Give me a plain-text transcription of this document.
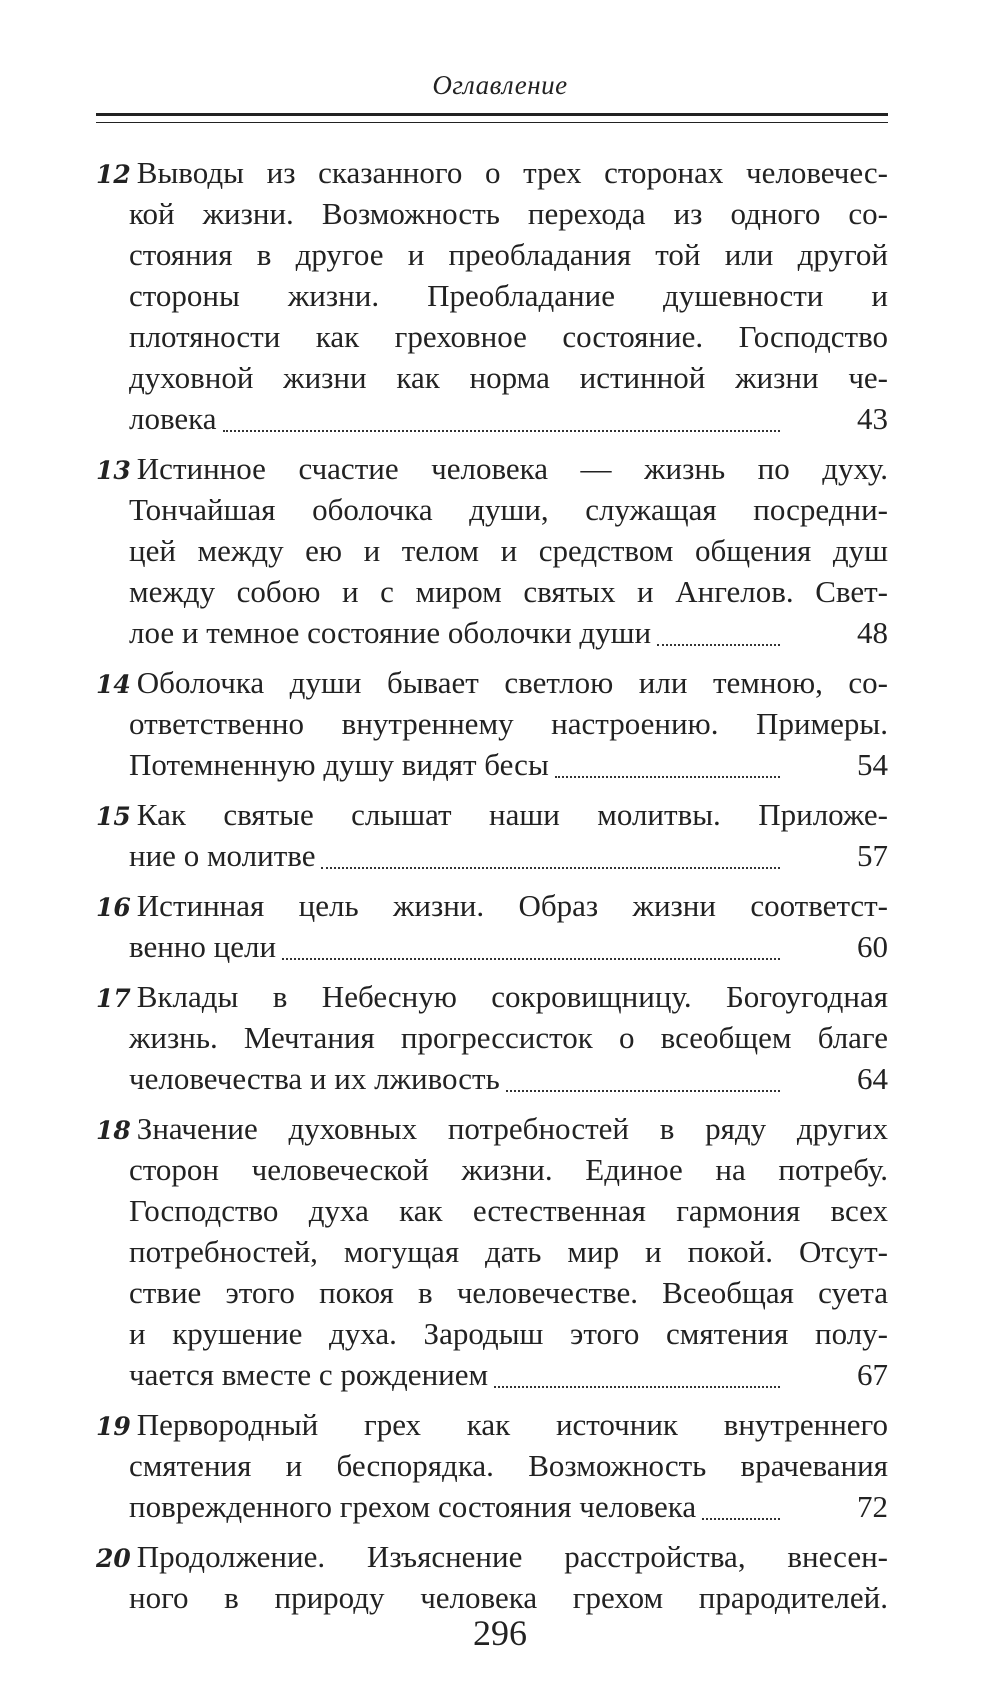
Оглавление
12 Выводы из сказанного о трех сторонах человечес-
кой жизни. Возможность перехода из одного со-
стояния в другое и преобладания той или другой
стороны жизни. Преобладание душевности и
плотяности как греховное состояние. Господство
духовной жизни как норма истинной жизни че-
ловека	43
13 Истинное счастие человека — жизнь по духу.
Тончайшая оболочка души, служащая посредни-
цей между ею и телом и средством общения душ
между собою и с миром святых и Ангелов. Свет-
лое и темное состояние оболочки души	48
14 Оболочка души бывает светлою или темною, со-
ответственно внутреннему настроению. Примеры.
Потемненную душу видят бесы	54
15 Как святые слышат наши молитвы. Приложе-
ние о молитве	57
16 Истинная цель жизни. Образ жизни соответст-
венно цели	60
17 Вклады в Небесную сокровищницу. Богоугодная
жизнь. Мечтания прогрессисток о всеобщем благе
человечества и их лживость	64
18 Значение духовных потребностей в ряду других
сторон человеческой жизни. Единое на потребу.
Господство духа как естественная гармония всех
потребностей, могущая дать мир и покой. Отсут-
ствие этого покоя в человечестве. Всеобщая суета
и крушение духа. Зародыш этого смятения полу-
чается вместе с рождением	67
19 Первородный грех как источник внутреннего
смятения и беспорядка. Возможность врачевания
поврежденного грехом состояния человека	72
20 Продолжение. Изъяснение расстройства, внесен-
ного в природу человека грехом прародителей.
296
